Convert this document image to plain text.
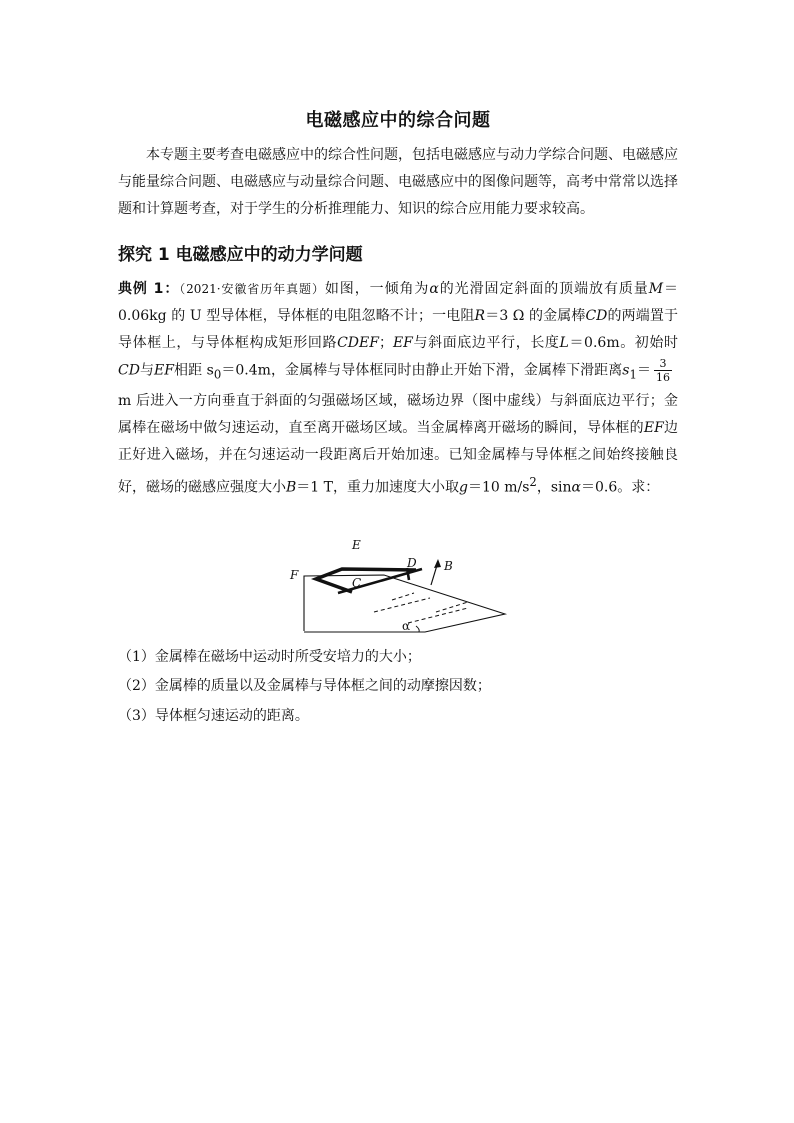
电磁感应中的综合问题
本专题主要考查电磁感应中的综合性问题，包括电磁感应与动力学综合问题、电磁感应与能量综合问题、电磁感应与动量综合问题、电磁感应中的图像问题等，高考中常常以选择题和计算题考查，对于学生的分析推理能力、知识的综合应用能力要求较高。
探究 1 电磁感应中的动力学问题
典例 1：（2021·安徽省历年真题）如图，一倾角为α的光滑固定斜面的顶端放有质量M＝0.06kg 的 U 型导体框，导体框的电阻忽略不计；一电阻R＝3 Ω 的金属棒CD的两端置于导体框上，与导体框构成矩形回路CDEF；EF与斜面底边平行，长度L＝0.6m。初始时CD与EF相距 $s_0=0.4m$，金属棒与导体框同时由静止开始下滑，金属棒下滑距离$s_1= \frac{3}{16}$
m 后进入一方向垂直于斜面的匀强磁场区域，磁场边界（图中虚线）与斜面底边平行；金属棒在磁场中做匀速运动，直至离开磁场区域。当金属棒离开磁场的瞬间，导体框的EF边正好进入磁场，并在匀速运动一段距离后开始加速。已知金属棒与导体框之间始终接触良好，磁场的磁感应强度大小B＝1 T，重力加速度大小取g＝10 $m/s^2$，sinα＝0.6。求：
E
D B
F
C
α
（1）金属棒在磁场中运动时所受安培力的大小；
（2）金属棒的质量以及金属棒与导体框之间的动摩擦因数；
（3）导体框匀速运动的距离。
